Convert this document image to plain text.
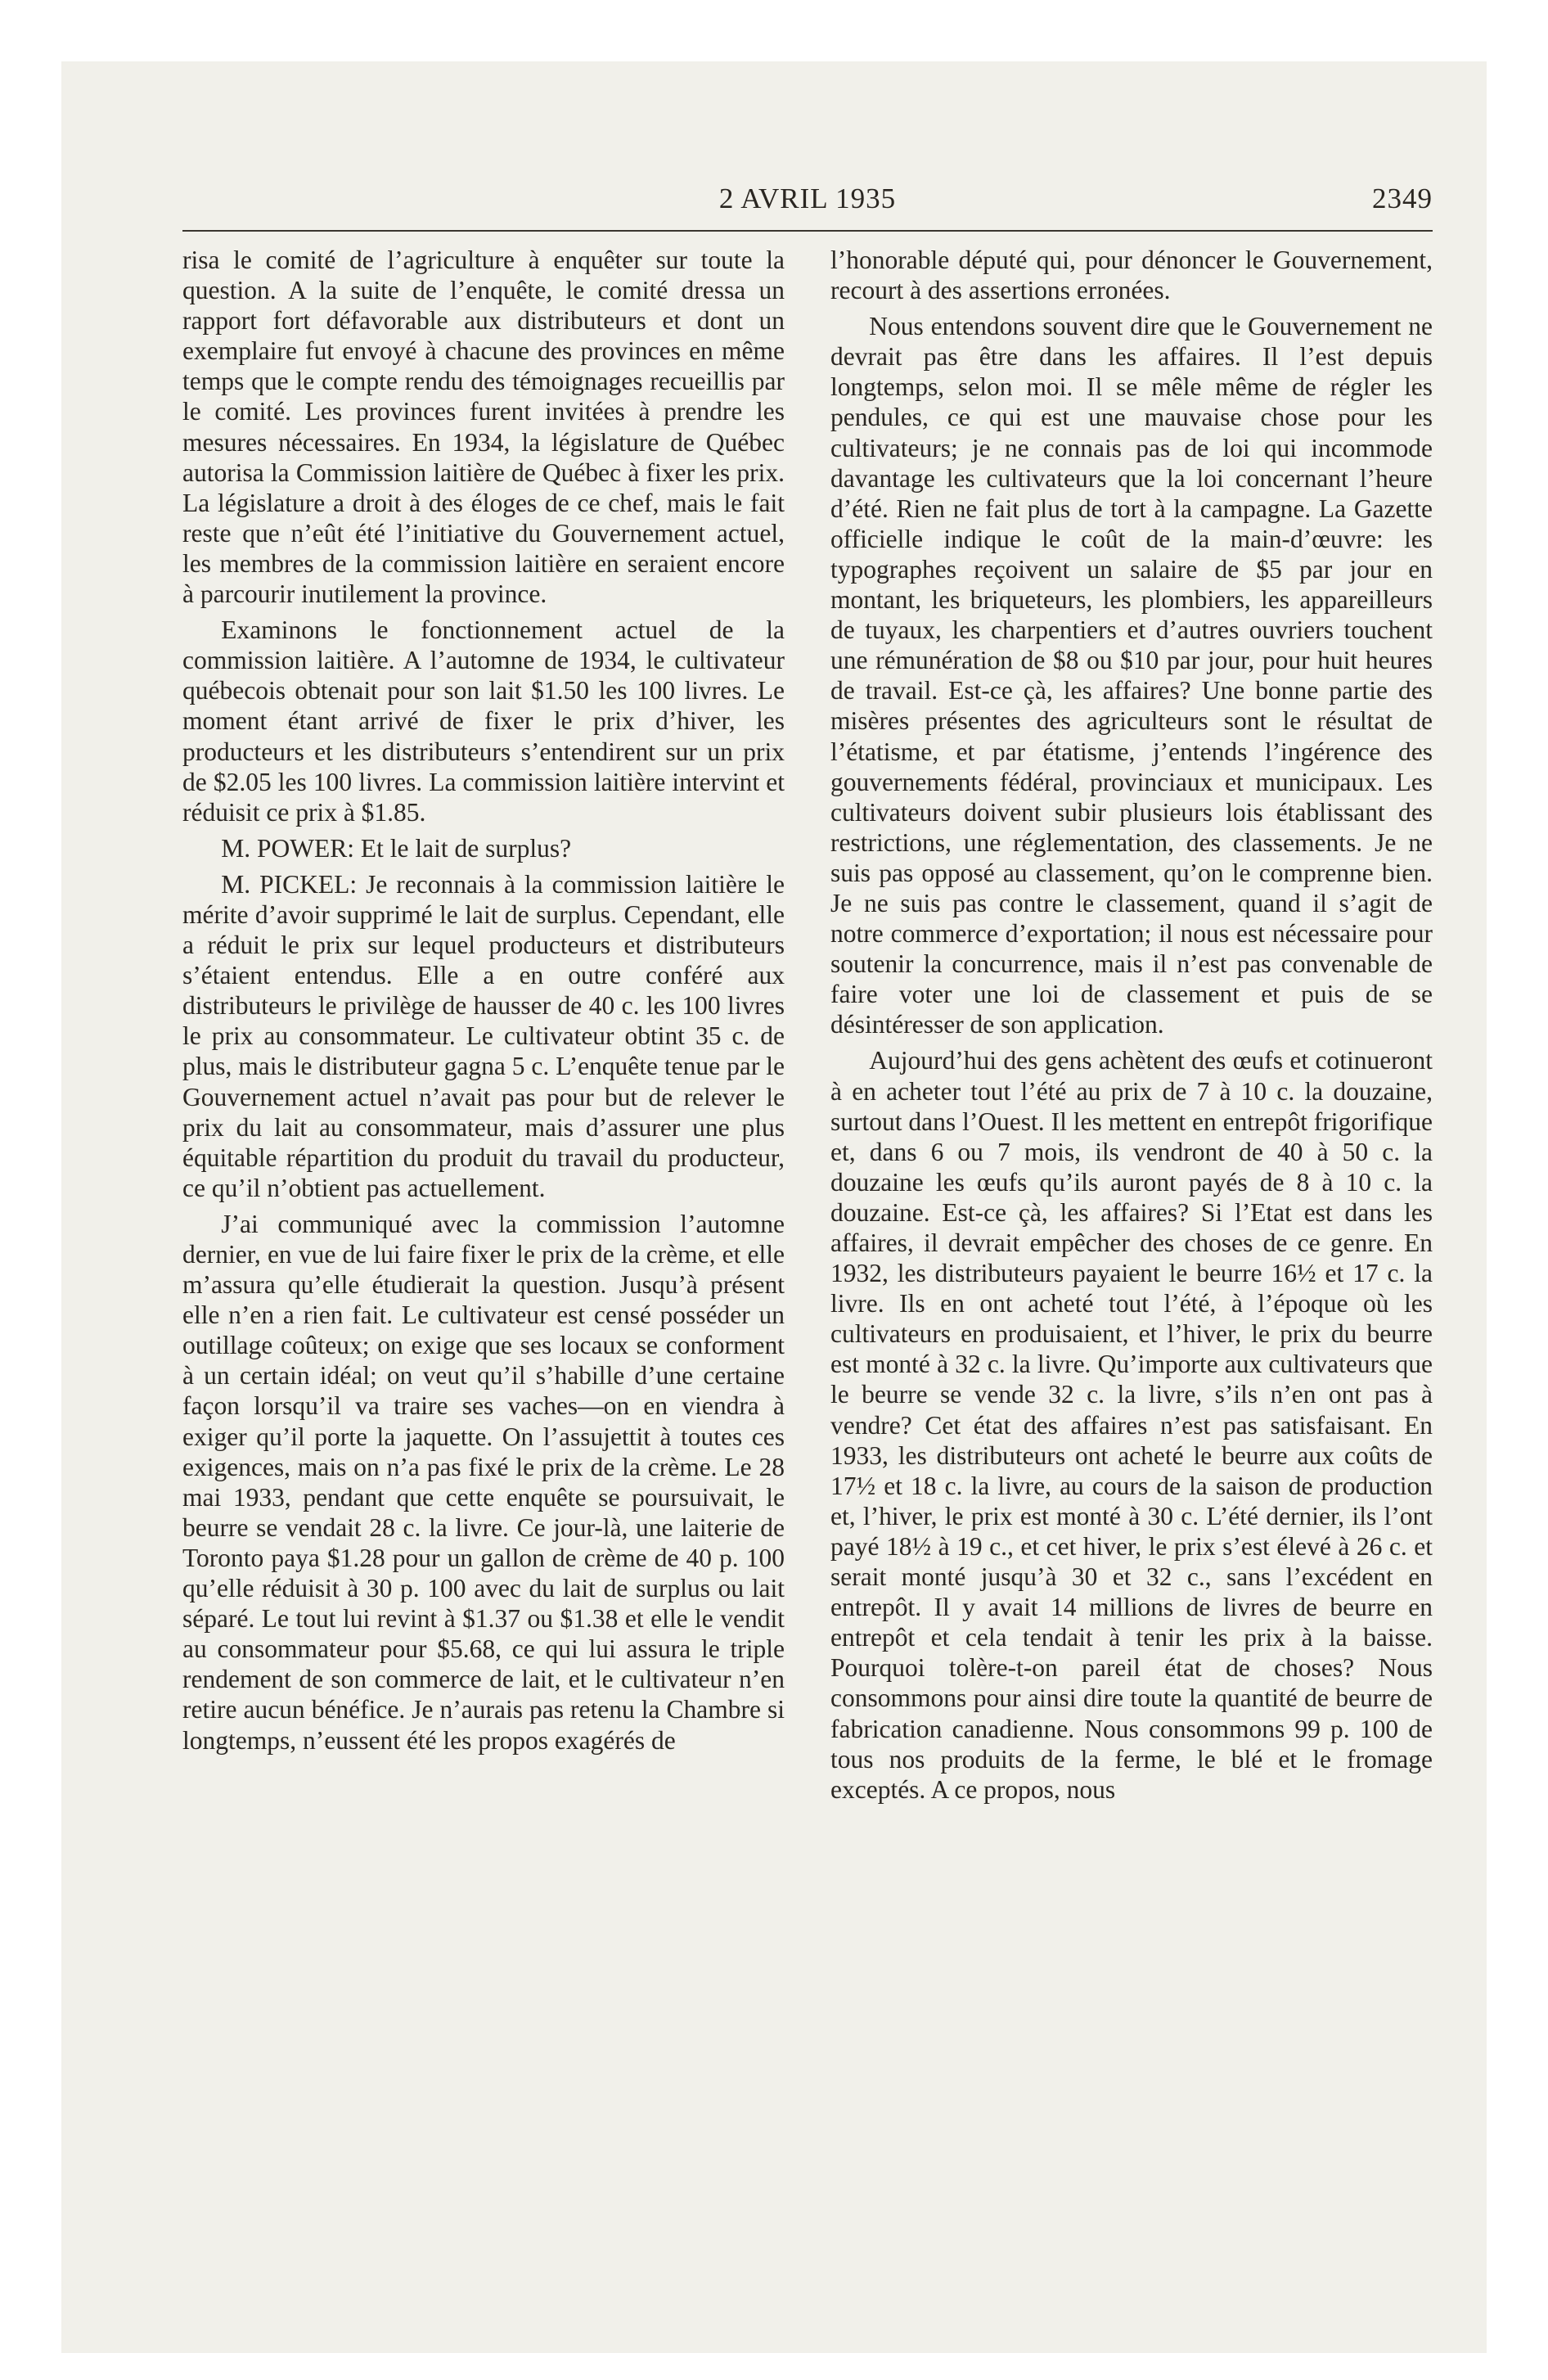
2 AVRIL 1935	2349

risa le comité de l’agriculture à enquêter sur toute la question. A la suite de l’enquête, le comité dressa un rapport fort défavorable aux distributeurs et dont un exemplaire fut envoyé à chacune des provinces en même temps que le compte rendu des témoignages recueillis par le comité. Les provinces furent invitées à prendre les mesures nécessaires. En 1934, la législature de Québec autorisa la Commission laitière de Québec à fixer les prix. La législature a droit à des éloges de ce chef, mais le fait reste que n’eût été l’initiative du Gouvernement actuel, les membres de la commission laitière en seraient encore à parcourir inutilement la province.

Examinons le fonctionnement actuel de la commission laitière. A l’automne de 1934, le cultivateur québecois obtenait pour son lait $1.50 les 100 livres. Le moment étant arrivé de fixer le prix d’hiver, les producteurs et les distributeurs s’entendirent sur un prix de $2.05 les 100 livres. La commission laitière intervint et réduisit ce prix à $1.85.

M. POWER: Et le lait de surplus?

M. PICKEL: Je reconnais à la commission laitière le mérite d’avoir supprimé le lait de surplus. Cependant, elle a réduit le prix sur lequel producteurs et distributeurs s’étaient entendus. Elle a en outre conféré aux distributeurs le privilège de hausser de 40 c. les 100 livres le prix au consommateur. Le cultivateur obtint 35 c. de plus, mais le distributeur gagna 5 c. L’enquête tenue par le Gouvernement actuel n’avait pas pour but de relever le prix du lait au consommateur, mais d’assurer une plus équitable répartition du produit du travail du producteur, ce qu’il n’obtient pas actuellement.

J’ai communiqué avec la commission l’automne dernier, en vue de lui faire fixer le prix de la crème, et elle m’assura qu’elle étudierait la question. Jusqu’à présent elle n’en a rien fait. Le cultivateur est censé posséder un outillage coûteux; on exige que ses locaux se conforment à un certain idéal; on veut qu’il s’habille d’une certaine façon lorsqu’il va traire ses vaches—on en viendra à exiger qu’il porte la jaquette. On l’assujettit à toutes ces exigences, mais on n’a pas fixé le prix de la crème. Le 28 mai 1933, pendant que cette enquête se poursuivait, le beurre se vendait 28 c. la livre. Ce jour-là, une laiterie de Toronto paya $1.28 pour un gallon de crème de 40 p. 100 qu’elle réduisit à 30 p. 100 avec du lait de surplus ou lait séparé. Le tout lui revint à $1.37 ou $1.38 et elle le vendit au consommateur pour $5.68, ce qui lui assura le triple rendement de son commerce de lait, et le cultivateur n’en retire aucun bénéfice. Je n’aurais pas retenu la Chambre si longtemps, n’eussent été les propos exagérés de

l’honorable député qui, pour dénoncer le Gouvernement, recourt à des assertions erronées.

Nous entendons souvent dire que le Gouvernement ne devrait pas être dans les affaires. Il l’est depuis longtemps, selon moi. Il se mêle même de régler les pendules, ce qui est une mauvaise chose pour les cultivateurs; je ne connais pas de loi qui incommode davantage les cultivateurs que la loi concernant l’heure d’été. Rien ne fait plus de tort à la campagne. La Gazette officielle indique le coût de la main-d’œuvre: les typographes reçoivent un salaire de $5 par jour en montant, les briqueteurs, les plombiers, les appareilleurs de tuyaux, les charpentiers et d’autres ouvriers touchent une rémunération de $8 ou $10 par jour, pour huit heures de travail. Est-ce çà, les affaires? Une bonne partie des misères présentes des agriculteurs sont le résultat de l’étatisme, et par étatisme, j’entends l’ingérence des gouvernements fédéral, provinciaux et municipaux. Les cultivateurs doivent subir plusieurs lois établissant des restrictions, une réglementation, des classements. Je ne suis pas opposé au classement, qu’on le comprenne bien. Je ne suis pas contre le classement, quand il s’agit de notre commerce d’exportation; il nous est nécessaire pour soutenir la concurrence, mais il n’est pas convenable de faire voter une loi de classement et puis de se désintéresser de son application.

Aujourd’hui des gens achètent des œufs et cotinueront à en acheter tout l’été au prix de 7 à 10 c. la douzaine, surtout dans l’Ouest. Il les mettent en entrepôt frigorifique et, dans 6 ou 7 mois, ils vendront de 40 à 50 c. la douzaine les œufs qu’ils auront payés de 8 à 10 c. la douzaine. Est-ce çà, les affaires? Si l’Etat est dans les affaires, il devrait empêcher des choses de ce genre. En 1932, les distributeurs payaient le beurre 16½ et 17 c. la livre. Ils en ont acheté tout l’été, à l’époque où les cultivateurs en produisaient, et l’hiver, le prix du beurre est monté à 32 c. la livre. Qu’importe aux cultivateurs que le beurre se vende 32 c. la livre, s’ils n’en ont pas à vendre? Cet état des affaires n’est pas satisfaisant. En 1933, les distributeurs ont acheté le beurre aux coûts de 17½ et 18 c. la livre, au cours de la saison de production et, l’hiver, le prix est monté à 30 c. L’été dernier, ils l’ont payé 18½ à 19 c., et cet hiver, le prix s’est élevé à 26 c. et serait monté jusqu’à 30 et 32 c., sans l’excédent en entrepôt. Il y avait 14 millions de livres de beurre en entrepôt et cela tendait à tenir les prix à la baisse. Pourquoi tolère-t-on pareil état de choses? Nous consommons pour ainsi dire toute la quantité de beurre de fabrication canadienne. Nous consommons 99 p. 100 de tous nos produits de la ferme, le blé et le fromage exceptés. A ce propos, nous
